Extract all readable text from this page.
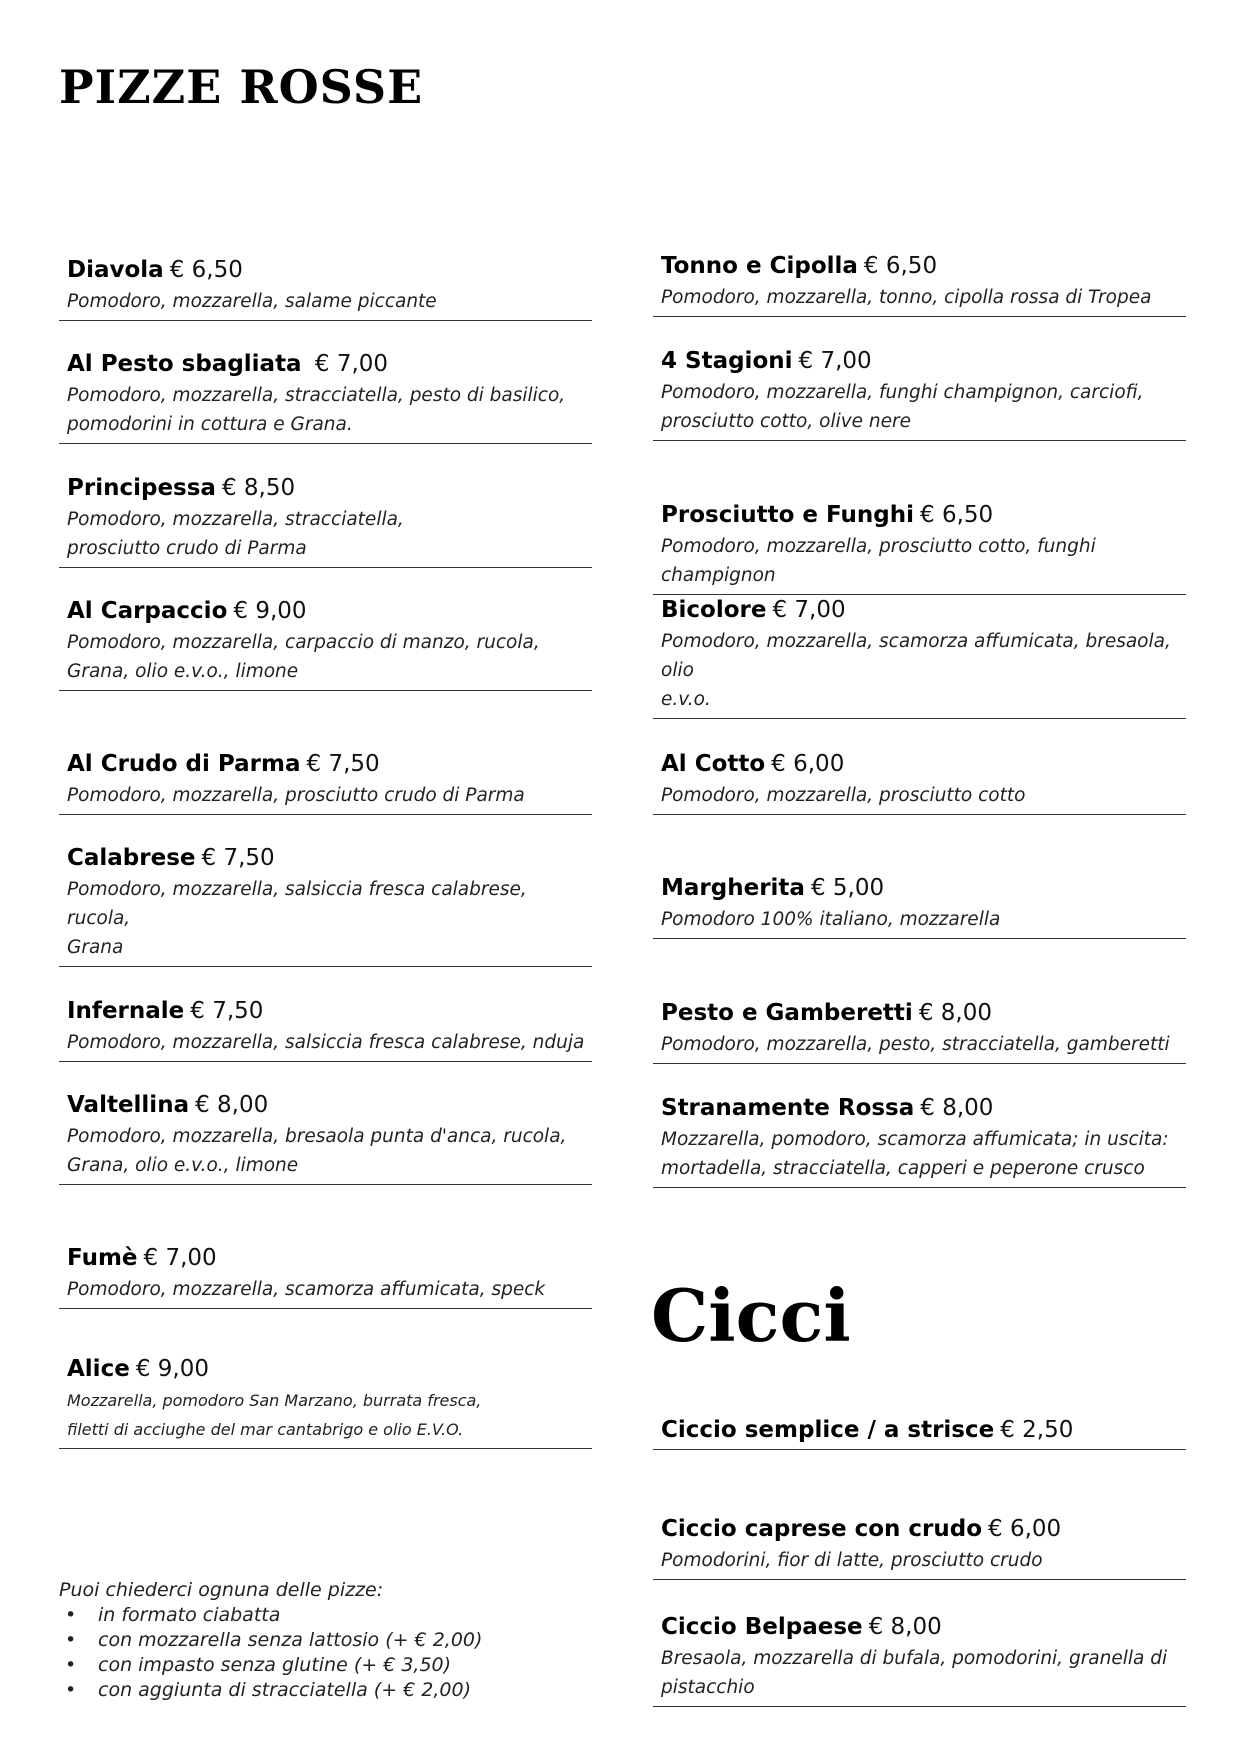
PIZZE ROSSE
Diavola € 6,50
Pomodoro, mozzarella, salame piccante
Al Pesto sbagliata € 7,00
Pomodoro, mozzarella, stracciatella, pesto di basilico,
pomodorini in cottura e Grana.
Principessa € 8,50
Pomodoro, mozzarella, stracciatella,
prosciutto crudo di Parma
Al Carpaccio € 9,00
Pomodoro, mozzarella, carpaccio di manzo, rucola,
Grana, olio e.v.o., limone
Al Crudo di Parma € 7,50
Pomodoro, mozzarella, prosciutto crudo di Parma
Calabrese € 7,50
Pomodoro, mozzarella, salsiccia fresca calabrese, rucola,
Grana
Infernale € 7,50
Pomodoro, mozzarella, salsiccia fresca calabrese, nduja
Valtellina € 8,00
Pomodoro, mozzarella, bresaola punta d'anca, rucola,
Grana, olio e.v.o., limone
Fumè € 7,00
Pomodoro, mozzarella, scamorza affumicata, speck
Alice € 9,00
Mozzarella, pomodoro San Marzano, burrata fresca,
filetti di acciughe del mar cantabrigo e olio E.V.O.
Tonno e Cipolla € 6,50
Pomodoro, mozzarella, tonno, cipolla rossa di Tropea
4 Stagioni € 7,00
Pomodoro, mozzarella, funghi champignon, carciofi,
prosciutto cotto, olive nere
Prosciutto e Funghi € 6,50
Pomodoro, mozzarella, prosciutto cotto, funghi champignon
Bicolore € 7,00
Pomodoro, mozzarella, scamorza affumicata, bresaola, olio
e.v.o.
Al Cotto € 6,00
Pomodoro, mozzarella, prosciutto cotto
Margherita € 5,00
Pomodoro 100% italiano, mozzarella
Pesto e Gamberetti € 8,00
Pomodoro, mozzarella, pesto, stracciatella, gamberetti
Stranamente Rossa € 8,00
Mozzarella, pomodoro, scamorza affumicata; in uscita:
mortadella, stracciatella, capperi e peperone crusco
Cicci
Ciccio semplice / a strisce € 2,50
Ciccio caprese con crudo € 6,00
Pomodorini, fior di latte, prosciutto crudo
Ciccio Belpaese € 8,00
Bresaola, mozzarella di bufala, pomodorini, granella di
pistacchio
Puoi chiederci ognuna delle pizze:
• in formato ciabatta
• con mozzarella senza lattosio (+ € 2,00)
• con impasto senza glutine (+ € 3,50)
• con aggiunta di stracciatella (+ € 2,00)
